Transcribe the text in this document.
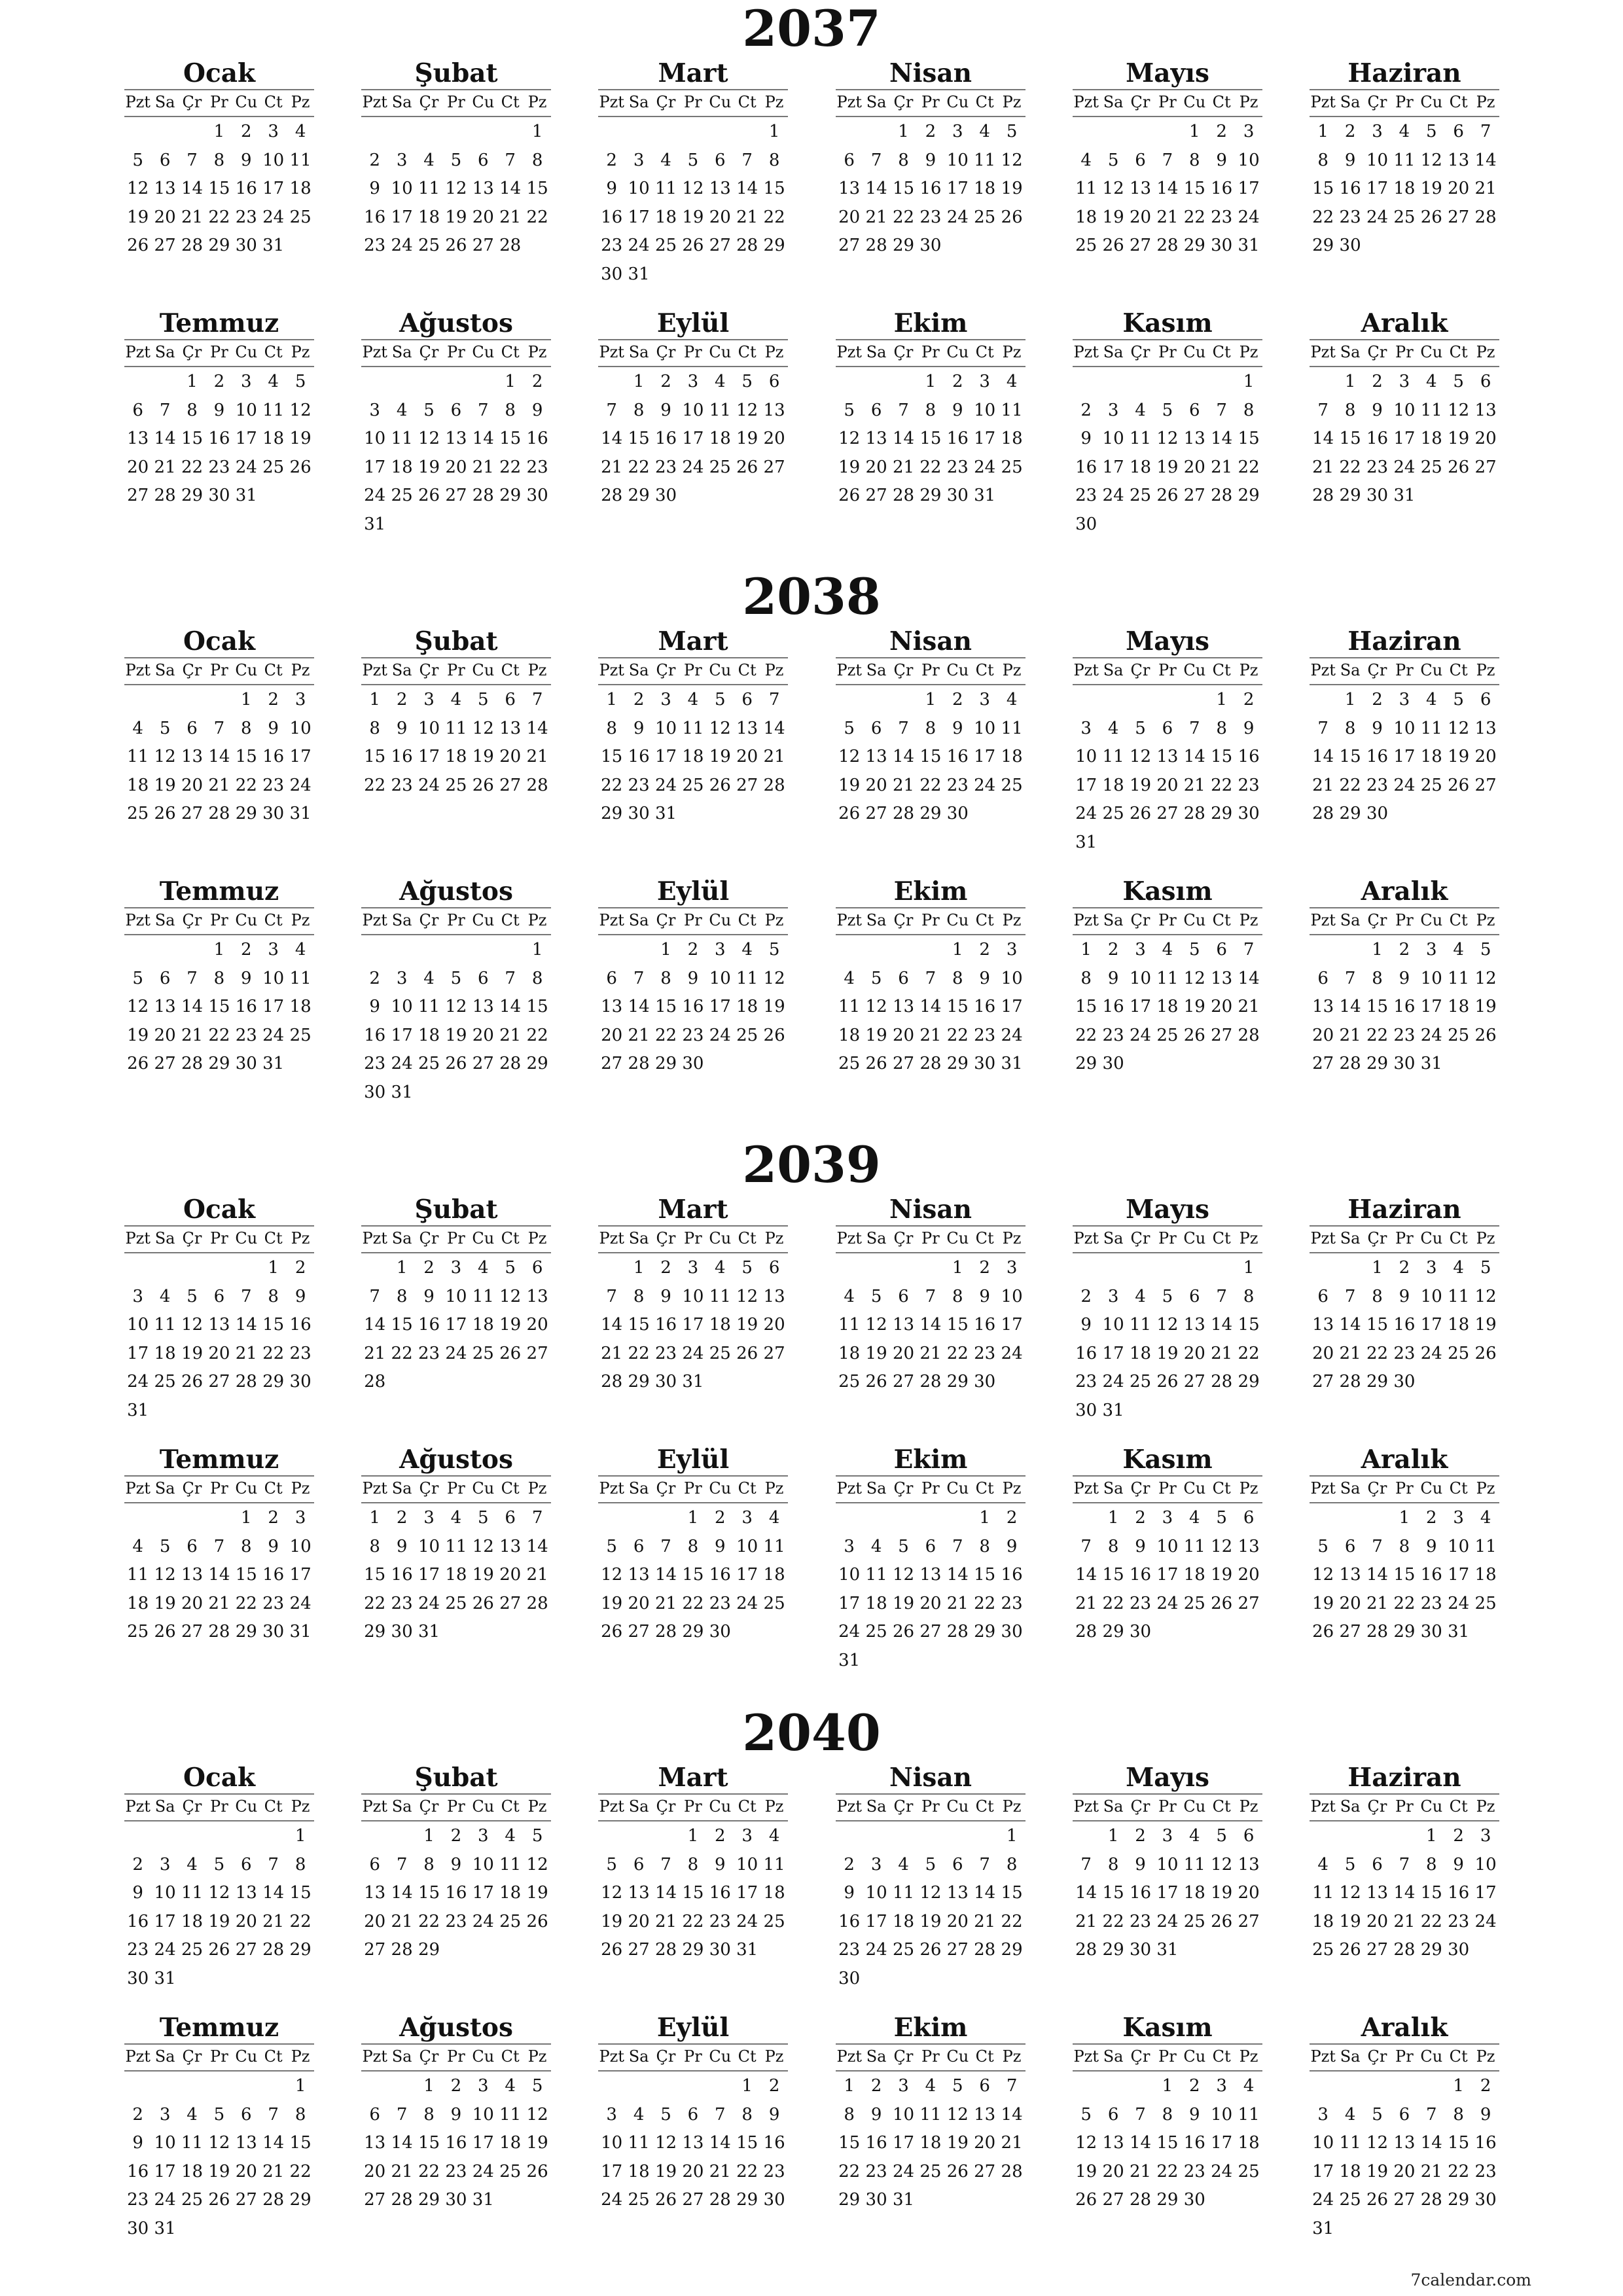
2037
Ocak
Pzt Sa Çr Pr Cu Ct Pz
1 2 3 4
5 6 7 8 9 10 11
12 13 14 15 16 17 18
19 20 21 22 23 24 25
26 27 28 29 30 31
Şubat
Pzt Sa Çr Pr Cu Ct Pz
1
2 3 4 5 6 7 8
9 10 11 12 13 14 15
16 17 18 19 20 21 22
23 24 25 26 27 28
Mart
Pzt Sa Çr Pr Cu Ct Pz
1
2 3 4 5 6 7 8
9 10 11 12 13 14 15
16 17 18 19 20 21 22
23 24 25 26 27 28 29
30 31
Nisan
Pzt Sa Çr Pr Cu Ct Pz
1 2 3 4 5
6 7 8 9 10 11 12
13 14 15 16 17 18 19
20 21 22 23 24 25 26
27 28 29 30
Mayıs
Pzt Sa Çr Pr Cu Ct Pz
1 2 3
4 5 6 7 8 9 10
11 12 13 14 15 16 17
18 19 20 21 22 23 24
25 26 27 28 29 30 31
Haziran
Pzt Sa Çr Pr Cu Ct Pz
1 2 3 4 5 6 7
8 9 10 11 12 13 14
15 16 17 18 19 20 21
22 23 24 25 26 27 28
29 30
Temmuz
Pzt Sa Çr Pr Cu Ct Pz
1 2 3 4 5
6 7 8 9 10 11 12
13 14 15 16 17 18 19
20 21 22 23 24 25 26
27 28 29 30 31
Ağustos
Pzt Sa Çr Pr Cu Ct Pz
1 2
3 4 5 6 7 8 9
10 11 12 13 14 15 16
17 18 19 20 21 22 23
24 25 26 27 28 29 30
31
Eylül
Pzt Sa Çr Pr Cu Ct Pz
1 2 3 4 5 6
7 8 9 10 11 12 13
14 15 16 17 18 19 20
21 22 23 24 25 26 27
28 29 30
Ekim
Pzt Sa Çr Pr Cu Ct Pz
1 2 3 4
5 6 7 8 9 10 11
12 13 14 15 16 17 18
19 20 21 22 23 24 25
26 27 28 29 30 31
Kasım
Pzt Sa Çr Pr Cu Ct Pz
1
2 3 4 5 6 7 8
9 10 11 12 13 14 15
16 17 18 19 20 21 22
23 24 25 26 27 28 29
30
Aralık
Pzt Sa Çr Pr Cu Ct Pz
1 2 3 4 5 6
7 8 9 10 11 12 13
14 15 16 17 18 19 20
21 22 23 24 25 26 27
28 29 30 31
2038
Ocak
Pzt Sa Çr Pr Cu Ct Pz
1 2 3
4 5 6 7 8 9 10
11 12 13 14 15 16 17
18 19 20 21 22 23 24
25 26 27 28 29 30 31
Şubat
Pzt Sa Çr Pr Cu Ct Pz
1 2 3 4 5 6 7
8 9 10 11 12 13 14
15 16 17 18 19 20 21
22 23 24 25 26 27 28
Mart
Pzt Sa Çr Pr Cu Ct Pz
1 2 3 4 5 6 7
8 9 10 11 12 13 14
15 16 17 18 19 20 21
22 23 24 25 26 27 28
29 30 31
Nisan
Pzt Sa Çr Pr Cu Ct Pz
1 2 3 4
5 6 7 8 9 10 11
12 13 14 15 16 17 18
19 20 21 22 23 24 25
26 27 28 29 30
Mayıs
Pzt Sa Çr Pr Cu Ct Pz
1 2
3 4 5 6 7 8 9
10 11 12 13 14 15 16
17 18 19 20 21 22 23
24 25 26 27 28 29 30
31
Haziran
Pzt Sa Çr Pr Cu Ct Pz
1 2 3 4 5 6
7 8 9 10 11 12 13
14 15 16 17 18 19 20
21 22 23 24 25 26 27
28 29 30
Temmuz
Pzt Sa Çr Pr Cu Ct Pz
1 2 3 4
5 6 7 8 9 10 11
12 13 14 15 16 17 18
19 20 21 22 23 24 25
26 27 28 29 30 31
Ağustos
Pzt Sa Çr Pr Cu Ct Pz
1
2 3 4 5 6 7 8
9 10 11 12 13 14 15
16 17 18 19 20 21 22
23 24 25 26 27 28 29
30 31
Eylül
Pzt Sa Çr Pr Cu Ct Pz
1 2 3 4 5
6 7 8 9 10 11 12
13 14 15 16 17 18 19
20 21 22 23 24 25 26
27 28 29 30
Ekim
Pzt Sa Çr Pr Cu Ct Pz
1 2 3
4 5 6 7 8 9 10
11 12 13 14 15 16 17
18 19 20 21 22 23 24
25 26 27 28 29 30 31
Kasım
Pzt Sa Çr Pr Cu Ct Pz
1 2 3 4 5 6 7
8 9 10 11 12 13 14
15 16 17 18 19 20 21
22 23 24 25 26 27 28
29 30
Aralık
Pzt Sa Çr Pr Cu Ct Pz
1 2 3 4 5
6 7 8 9 10 11 12
13 14 15 16 17 18 19
20 21 22 23 24 25 26
27 28 29 30 31
2039
Ocak
Pzt Sa Çr Pr Cu Ct Pz
1 2
3 4 5 6 7 8 9
10 11 12 13 14 15 16
17 18 19 20 21 22 23
24 25 26 27 28 29 30
31
Şubat
Pzt Sa Çr Pr Cu Ct Pz
1 2 3 4 5 6
7 8 9 10 11 12 13
14 15 16 17 18 19 20
21 22 23 24 25 26 27
28
Mart
Pzt Sa Çr Pr Cu Ct Pz
1 2 3 4 5 6
7 8 9 10 11 12 13
14 15 16 17 18 19 20
21 22 23 24 25 26 27
28 29 30 31
Nisan
Pzt Sa Çr Pr Cu Ct Pz
1 2 3
4 5 6 7 8 9 10
11 12 13 14 15 16 17
18 19 20 21 22 23 24
25 26 27 28 29 30
Mayıs
Pzt Sa Çr Pr Cu Ct Pz
1
2 3 4 5 6 7 8
9 10 11 12 13 14 15
16 17 18 19 20 21 22
23 24 25 26 27 28 29
30 31
Haziran
Pzt Sa Çr Pr Cu Ct Pz
1 2 3 4 5
6 7 8 9 10 11 12
13 14 15 16 17 18 19
20 21 22 23 24 25 26
27 28 29 30
Temmuz
Pzt Sa Çr Pr Cu Ct Pz
1 2 3
4 5 6 7 8 9 10
11 12 13 14 15 16 17
18 19 20 21 22 23 24
25 26 27 28 29 30 31
Ağustos
Pzt Sa Çr Pr Cu Ct Pz
1 2 3 4 5 6 7
8 9 10 11 12 13 14
15 16 17 18 19 20 21
22 23 24 25 26 27 28
29 30 31
Eylül
Pzt Sa Çr Pr Cu Ct Pz
1 2 3 4
5 6 7 8 9 10 11
12 13 14 15 16 17 18
19 20 21 22 23 24 25
26 27 28 29 30
Ekim
Pzt Sa Çr Pr Cu Ct Pz
1 2
3 4 5 6 7 8 9
10 11 12 13 14 15 16
17 18 19 20 21 22 23
24 25 26 27 28 29 30
31
Kasım
Pzt Sa Çr Pr Cu Ct Pz
1 2 3 4 5 6
7 8 9 10 11 12 13
14 15 16 17 18 19 20
21 22 23 24 25 26 27
28 29 30
Aralık
Pzt Sa Çr Pr Cu Ct Pz
1 2 3 4
5 6 7 8 9 10 11
12 13 14 15 16 17 18
19 20 21 22 23 24 25
26 27 28 29 30 31
2040
Ocak
Pzt Sa Çr Pr Cu Ct Pz
1
2 3 4 5 6 7 8
9 10 11 12 13 14 15
16 17 18 19 20 21 22
23 24 25 26 27 28 29
30 31
Şubat
Pzt Sa Çr Pr Cu Ct Pz
1 2 3 4 5
6 7 8 9 10 11 12
13 14 15 16 17 18 19
20 21 22 23 24 25 26
27 28 29
Mart
Pzt Sa Çr Pr Cu Ct Pz
1 2 3 4
5 6 7 8 9 10 11
12 13 14 15 16 17 18
19 20 21 22 23 24 25
26 27 28 29 30 31
Nisan
Pzt Sa Çr Pr Cu Ct Pz
1
2 3 4 5 6 7 8
9 10 11 12 13 14 15
16 17 18 19 20 21 22
23 24 25 26 27 28 29
30
Mayıs
Pzt Sa Çr Pr Cu Ct Pz
1 2 3 4 5 6
7 8 9 10 11 12 13
14 15 16 17 18 19 20
21 22 23 24 25 26 27
28 29 30 31
Haziran
Pzt Sa Çr Pr Cu Ct Pz
1 2 3
4 5 6 7 8 9 10
11 12 13 14 15 16 17
18 19 20 21 22 23 24
25 26 27 28 29 30
Temmuz
Pzt Sa Çr Pr Cu Ct Pz
1
2 3 4 5 6 7 8
9 10 11 12 13 14 15
16 17 18 19 20 21 22
23 24 25 26 27 28 29
30 31
Ağustos
Pzt Sa Çr Pr Cu Ct Pz
1 2 3 4 5
6 7 8 9 10 11 12
13 14 15 16 17 18 19
20 21 22 23 24 25 26
27 28 29 30 31
Eylül
Pzt Sa Çr Pr Cu Ct Pz
1 2
3 4 5 6 7 8 9
10 11 12 13 14 15 16
17 18 19 20 21 22 23
24 25 26 27 28 29 30
Ekim
Pzt Sa Çr Pr Cu Ct Pz
1 2 3 4 5 6 7
8 9 10 11 12 13 14
15 16 17 18 19 20 21
22 23 24 25 26 27 28
29 30 31
Kasım
Pzt Sa Çr Pr Cu Ct Pz
1 2 3 4
5 6 7 8 9 10 11
12 13 14 15 16 17 18
19 20 21 22 23 24 25
26 27 28 29 30
Aralık
Pzt Sa Çr Pr Cu Ct Pz
1 2
3 4 5 6 7 8 9
10 11 12 13 14 15 16
17 18 19 20 21 22 23
24 25 26 27 28 29 30
31
7calendar.com
